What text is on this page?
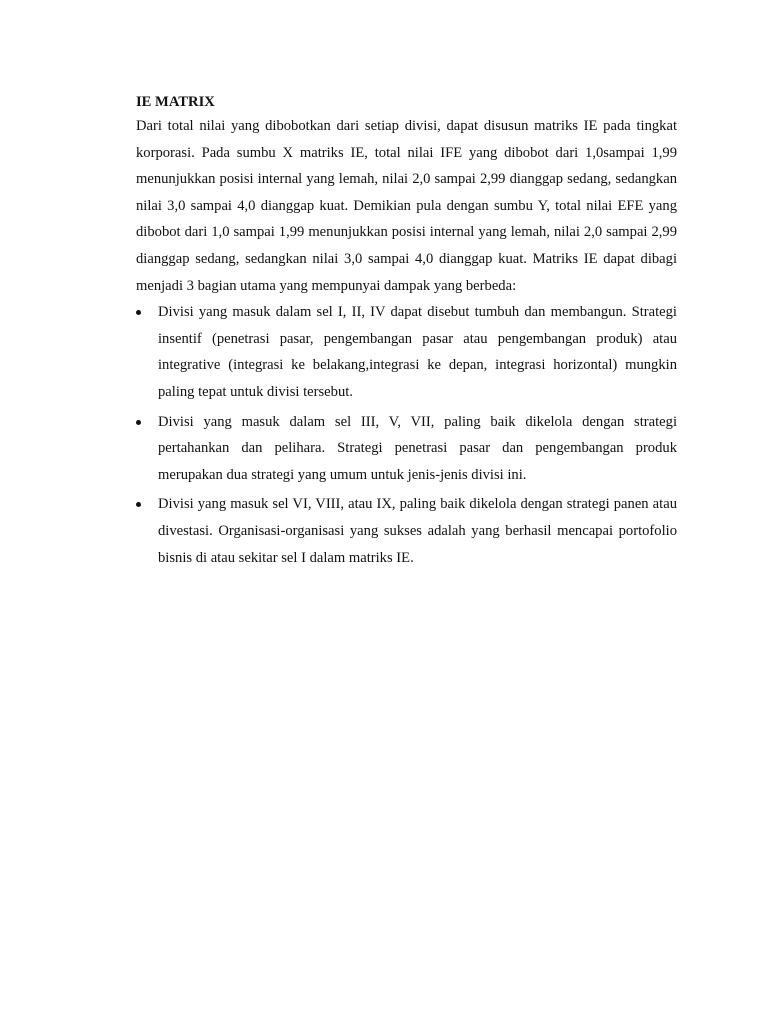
IE MATRIX

Dari total nilai yang dibobotkan dari setiap divisi, dapat disusun matriks IE pada tingkat korporasi. Pada sumbu X matriks IE, total nilai IFE yang dibobot dari 1,0sampai 1,99 menunjukkan posisi internal yang lemah, nilai 2,0 sampai 2,99 dianggap sedang, sedangkan nilai 3,0 sampai 4,0 dianggap kuat. Demikian pula dengan sumbu Y, total nilai EFE yang dibobot dari 1,0 sampai 1,99 menunjukkan posisi internal yang lemah, nilai 2,0 sampai 2,99 dianggap sedang, sedangkan nilai 3,0 sampai 4,0 dianggap kuat. Matriks IE dapat dibagi menjadi 3 bagian utama yang mempunyai dampak yang berbeda:

Divisi yang masuk dalam sel I, II, IV dapat disebut tumbuh dan membangun. Strategi insentif (penetrasi pasar, pengembangan pasar atau pengembangan produk) atau integrative (integrasi ke belakang,integrasi ke depan, integrasi horizontal) mungkin paling tepat untuk divisi tersebut.
Divisi yang masuk dalam sel III, V, VII, paling baik dikelola dengan strategi pertahankan dan pelihara. Strategi penetrasi pasar dan pengembangan produk merupakan dua strategi yang umum untuk jenis-jenis divisi ini.
Divisi yang masuk sel VI, VIII, atau IX, paling baik dikelola dengan strategi panen atau divestasi. Organisasi-organisasi yang sukses adalah yang berhasil mencapai portofolio bisnis di atau sekitar sel I dalam matriks IE.
